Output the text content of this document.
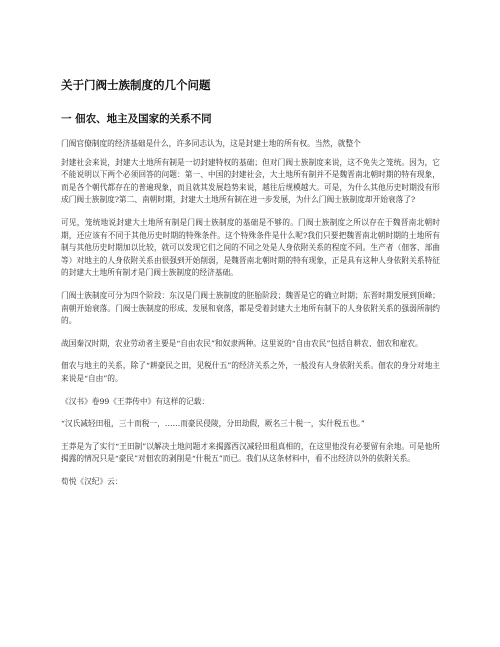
关于门阀士族制度的几个问题
一 佃农、地主及国家的关系不同

门阀官僚制度的经济基础是什么，许多同志认为，这是封建土地的所有权。当然，就整个

封建社会来说，封建大土地所有制是一切封建特权的基础；但对门阀士族制度来说，这不免失之笼统。因为，它不能说明以下两个必须回答的问题：第一、中国的封建社会，大土地所有制并不是魏晋南北朝时期的特有现象，而是各个朝代都存在的普遍现象，而且就其发展趋势来说，越往后规模越大。可是，为什么其他历史时期没有形成门阀士族制度?第二、南朝时期，封建大土地所有制在进一步发展，为什么门阀士族制度却开始衰落了?

可见，笼统地说封建大土地所有制是门阀士族制度的基础是不够的。门阀士族制度之所以存在于魏晋南北朝时期，还应该有不同于其他历史时期的特殊条件。这个特殊条件是什么呢?我们只要把魏晋南北朝时期的土地所有制与其他历史时期加以比较，就可以发现它们之间的不同之处是人身依附关系的程度不同。生产者（佃客、部曲等）对地主的人身依附关系由很强到开始削弱，是魏晋南北朝时期的特有现象，正是具有这种人身依附关系特征的封建大土地所有制才是门阀士族制度的经济基础。

门阀士族制度可分为四个阶段：东汉是门阀士族制度的胚胎阶段；魏晋是它的确立时期；东晋时期发展到顶峰；南朝开始衰落。门阀士族制度的形成、发展和衰落，都是受着封建大土地所有制下的人身依附关系的强弱所制约的。

战国秦汉时期，农业劳动者主要是“自由农民”和奴隶两种。这里说的“自由农民”包括自耕农、佃农和雇农。

佃农与地主的关系，除了“耕豪民之田，见税什五”的经济关系之外，一般没有人身依附关系。佃农的身分对地主来说是“自由”的。

《汉书》卷99《王莽传中》有这样的记载：

“汉氏减轻田租，三十而税一，……而豪民侵陵，分田劫假，厥名三十税一，实什税五也。”

王莽是为了实行“王田制”以解决土地问题才来揭露西汉减轻田租真相的，在这里他没有必要留有余地。可是他所揭露的情况只是“豪民”对佃农的剥削是“什税五”而已。我们从这条材料中，看不出经济以外的依附关系。

荀悦《汉纪》云：
